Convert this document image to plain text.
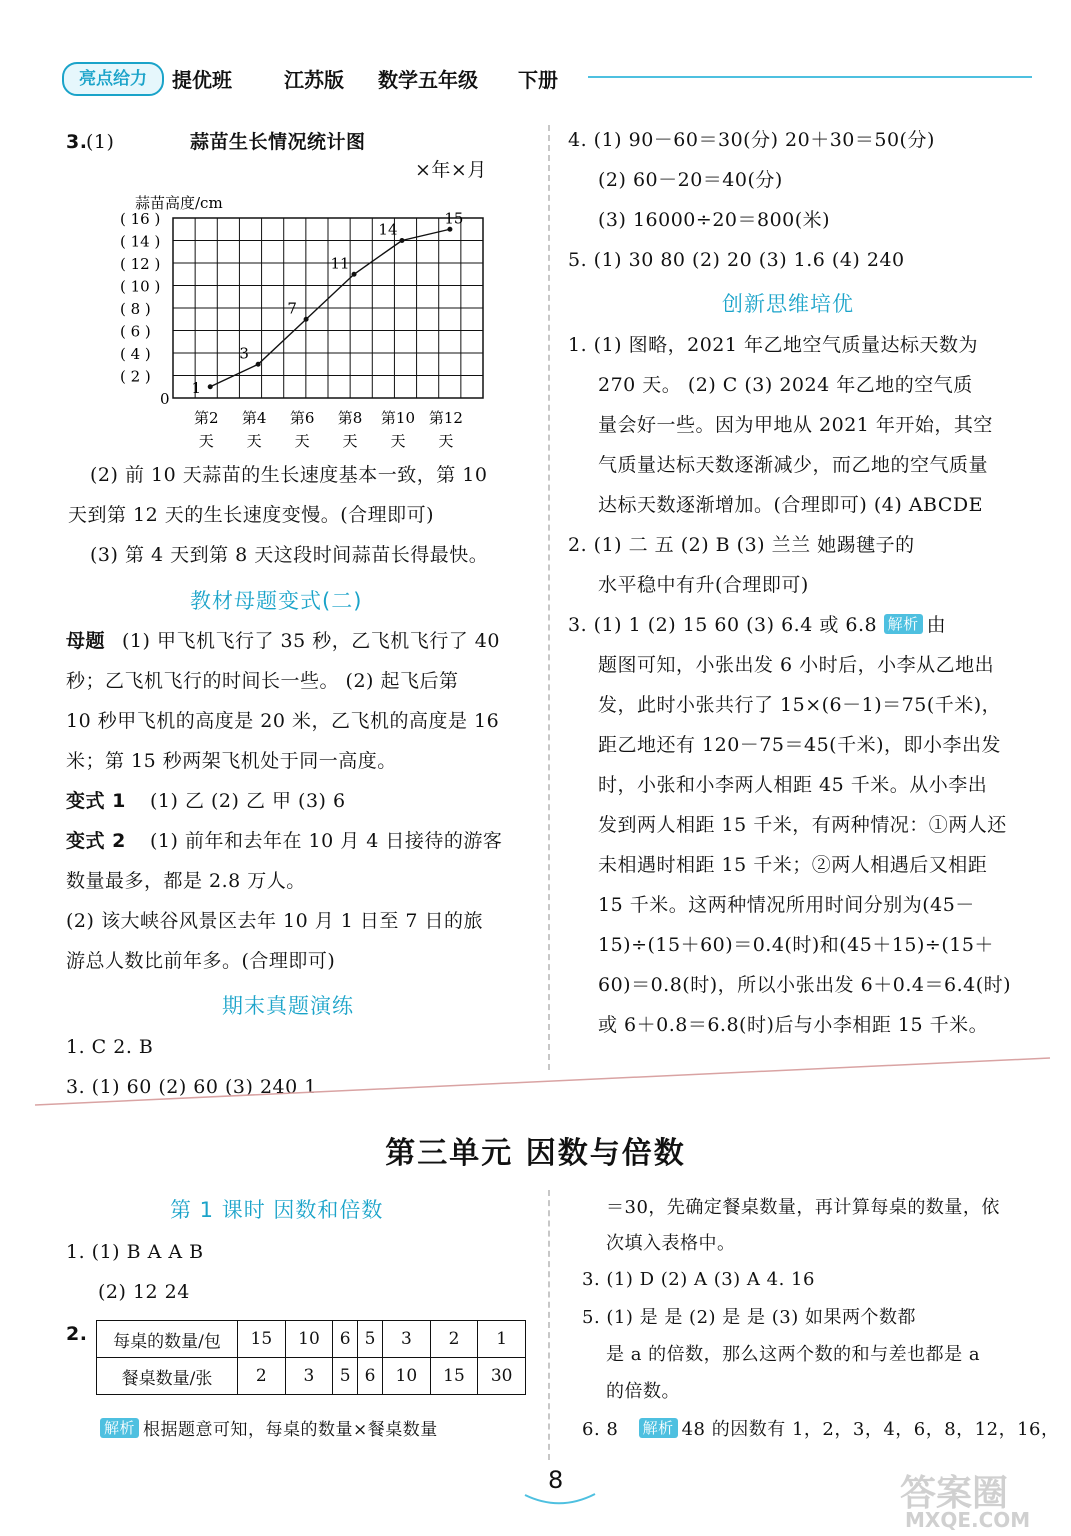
亮点给力	提优班	江苏版 数学五年级 下册
3.
(1)	蒜苗生长情况统计图
×年×月
蒜苗高度/cm
( 16 )
( 14 )
( 12 )
( 10 )
( 8 )
( 6 )
( 4 )
( 2 )
0
第2
天
第4
天
第6
天
第8
天
第10
天
第12
天
1
3
7
11
14
15
(2) 前 10 天蒜苗的生长速度基本一致，第 10
天到第 12 天的生长速度变慢。(合理即可)
(3) 第 4 天到第 8 天这段时间蒜苗长得最快。
教材母题变式(二)
母题 (1) 甲飞机飞行了 35 秒，乙飞机飞行了 40
秒；乙飞机飞行的时间长一些。 (2) 起飞后第
10 秒甲飞机的高度是 20 米，乙飞机的高度是 16
米；第 15 秒两架飞机处于同一高度。
变式 1 (1) 乙 (2) 乙 甲 (3) 6
变式 2 (1) 前年和去年在 10 月 4 日接待的游客
数量最多，都是 2.8 万人。
(2) 该大峡谷风景区去年 10 月 1 日至 7 日的旅
游总人数比前年多。(合理即可)
期末真题演练
1. C 2. B
3. (1) 60 (2) 60 (3) 240 1
4. (1) 90－60＝30(分) 20＋30＝50(分)
(2) 60－20＝40(分)
(3) 16000÷20＝800(米)
5. (1) 30 80 (2) 20 (3) 1.6 (4) 240
创新思维培优
1. (1) 图略，2021 年乙地空气质量达标天数为
270 天。 (2) C (3) 2024 年乙地的空气质
量会好一些。因为甲地从 2021 年开始，其空
气质量达标天数逐渐减少，而乙地的空气质量
达标天数逐渐增加。(合理即可) (4) ABCDE
2. (1) 二 五 (2) B (3) 兰兰 她踢毽子的
水平稳中有升(合理即可)
3. (1) 1 (2) 15 60 (3) 6.4 或 6.8 解析 由
题图可知，小张出发 6 小时后，小李从乙地出
发，此时小张共行了 15×(6－1)＝75(千米)，
距乙地还有 120－75＝45(千米)，即小李出发
时，小张和小李两人相距 45 千米。从小李出
发到两人相距 15 千米，有两种情况：①两人还
未相遇时相距 15 千米；②两人相遇后又相距
15 千米。这两种情况所用时间分别为(45－
15)÷(15＋60)＝0.4(时)和(45＋15)÷(15＋
60)＝0.8(时)，所以小张出发 6＋0.4＝6.4(时)
或 6＋0.8＝6.8(时)后与小李相距 15 千米。
第三单元 因数与倍数
第 1 课时 因数和倍数
1. (1) B A A B
(2) 12 24
2. 每桌的数量/包	15	10	6	5	3	2	1
餐桌数量/张	2	3	5	6	10	15	30
解析 根据题意可知，每桌的数量×餐桌数量
＝30，先确定餐桌数量，再计算每桌的数量，依
次填入表格中。
3. (1) D (2) A (3) A 4. 16
5. (1) 是 是 (2) 是 是 (3) 如果两个数都
是 a 的倍数，那么这两个数的和与差也都是 a
的倍数。
6. 8 解析 48 的因数有 1，2，3，4，6，8，12，16，
8	答案圈
MXQE.COM
